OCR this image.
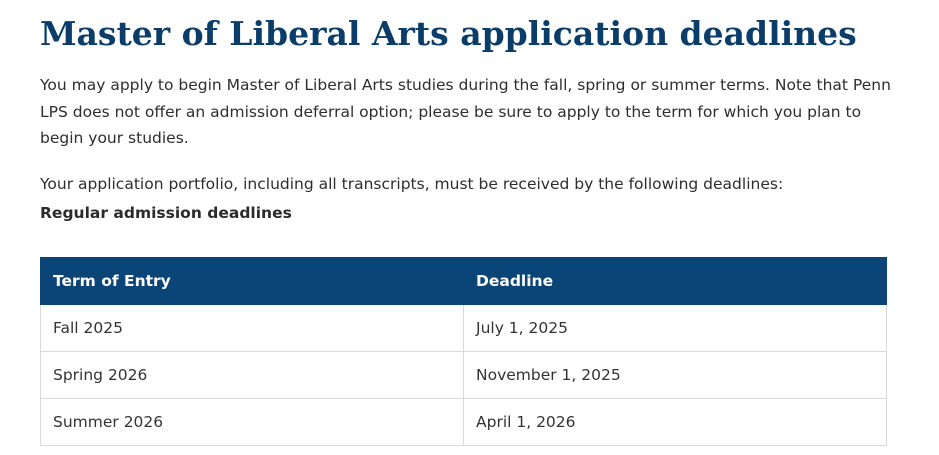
Master of Liberal Arts application deadlines

You may apply to begin Master of Liberal Arts studies during the fall, spring or summer terms. Note that Penn LPS does not offer an admission deferral option; please be sure to apply to the term for which you plan to begin your studies.

Your application portfolio, including all transcripts, must be received by the following deadlines:

Regular admission deadlines

Term of Entry	Deadline
Fall 2025	July 1, 2025
Spring 2026	November 1, 2025
Summer 2026	April 1, 2026
